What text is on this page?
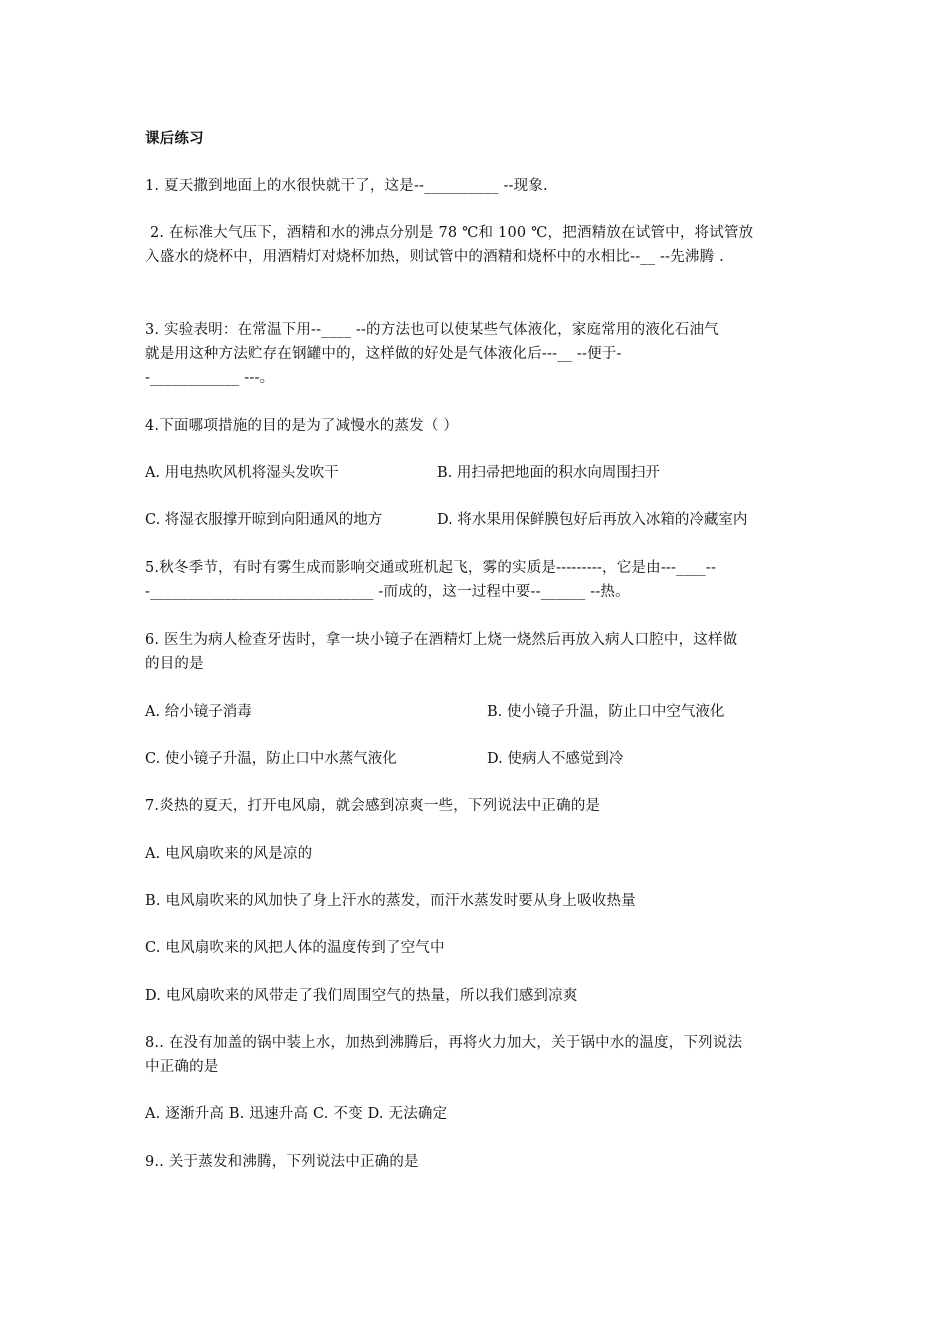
课后练习
1. 夏天撒到地面上的水很快就干了，这是--__________ --现象.
2. 在标准大气压下，酒精和水的沸点分别是 78 ℃和 100 ℃，把酒精放在试管中，将试管放
入盛水的烧杯中，用酒精灯对烧杯加热，则试管中的酒精和烧杯中的水相比--__ --先沸腾 .
3. 实验表明：在常温下用--____ --的方法也可以使某些气体液化，家庭常用的液化石油气
就是用这种方法贮存在钢罐中的，这样做的好处是气体液化后---__ --便于-
-____________ ---。
4.下面哪项措施的目的是为了减慢水的蒸发（ ）
A. 用电热吹风机将湿头发吹干	B. 用扫帚把地面的积水向周围扫开
C. 将湿衣服撑开晾到向阳通风的地方	D. 将水果用保鲜膜包好后再放入冰箱的冷藏室内
5.秋冬季节，有时有雾生成而影响交通或班机起飞，雾的实质是---------，它是由---____--
-______________________________ -而成的，这一过程中要--______ --热。
6. 医生为病人检查牙齿时，拿一块小镜子在酒精灯上烧一烧然后再放入病人口腔中，这样做
的目的是
A. 给小镜子消毒	B. 使小镜子升温，防止口中空气液化
C. 使小镜子升温，防止口中水蒸气液化	D. 使病人不感觉到冷
7.炎热的夏天，打开电风扇，就会感到凉爽一些，下列说法中正确的是
A. 电风扇吹来的风是凉的
B. 电风扇吹来的风加快了身上汗水的蒸发，而汗水蒸发时要从身上吸收热量
C. 电风扇吹来的风把人体的温度传到了空气中
D. 电风扇吹来的风带走了我们周围空气的热量，所以我们感到凉爽
8.. 在没有加盖的锅中装上水，加热到沸腾后，再将火力加大，关于锅中水的温度，下列说法
中正确的是
A. 逐渐升高 B. 迅速升高 C. 不变 D. 无法确定
9.. 关于蒸发和沸腾，下列说法中正确的是
